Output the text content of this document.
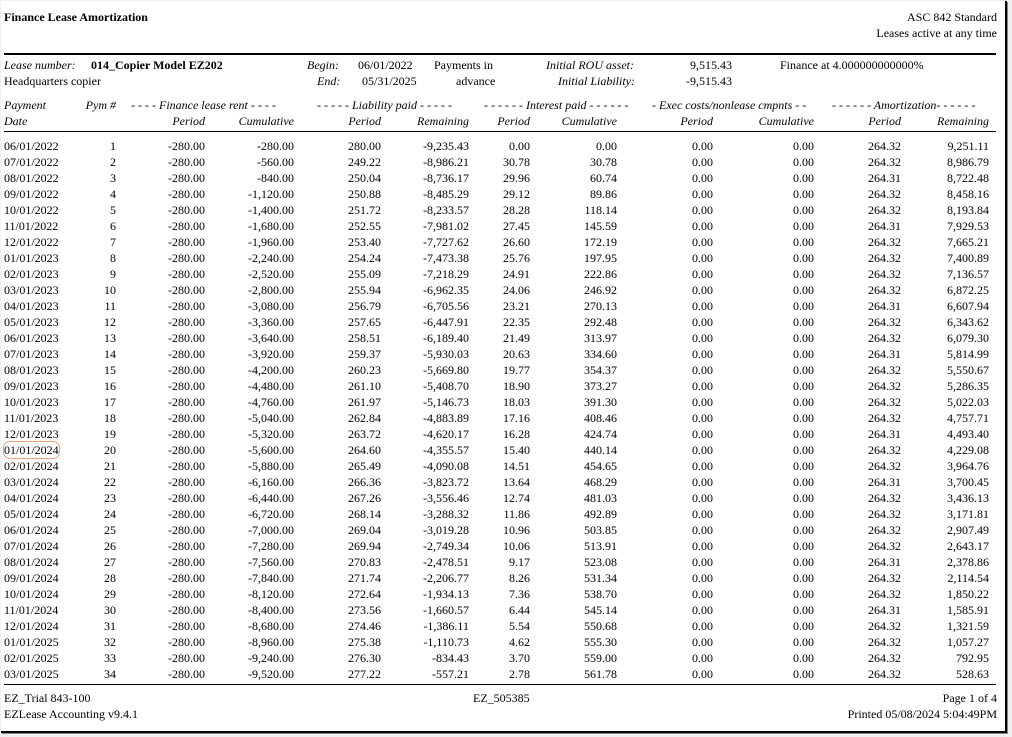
Finance Lease Amortization	ASC 842 Standard
Leases active at any time
Lease number: 014_Copier Model EZ202
Headquarters copier
Begin: 06/01/2022
End: 05/31/2025
Payments in
advance
Initial ROU asset:	9,515.43
Initial Liability:	-9,515.43
Finance at 4.000000000000%
Payment
Date
Pym # - - - - Finance lease rent - - - -
Period	Cumulative
- - - - - Liability paid - - - - -
Period	Remaining
- - - - - - Interest paid - - - - - -
Period	Cumulative
- Exec costs/nonlease cmpnts - -
Period	Cumulative
- - - - - - Amortization- - - - - -
Period	Remaining
06/01/2022	1	-280.00	-280.00	280.00	-9,235.43	0.00	0.00	0.00	0.00	264.32	9,251.11
07/01/2022	2	-280.00	-560.00	249.22	-8,986.21	30.78	30.78	0.00	0.00	264.32	8,986.79
08/01/2022	3	-280.00	-840.00	250.04	-8,736.17	29.96	60.74	0.00	0.00	264.31	8,722.48
09/01/2022	4	-280.00	-1,120.00	250.88	-8,485.29	29.12	89.86	0.00	0.00	264.32	8,458.16
10/01/2022	5	-280.00	-1,400.00	251.72	-8,233.57	28.28	118.14	0.00	0.00	264.32	8,193.84
11/01/2022	6	-280.00	-1,680.00	252.55	-7,981.02	27.45	145.59	0.00	0.00	264.31	7,929.53
12/01/2022	7	-280.00	-1,960.00	253.40	-7,727.62	26.60	172.19	0.00	0.00	264.32	7,665.21
01/01/2023	8	-280.00	-2,240.00	254.24	-7,473.38	25.76	197.95	0.00	0.00	264.32	7,400.89
02/01/2023	9	-280.00	-2,520.00	255.09	-7,218.29	24.91	222.86	0.00	0.00	264.32	7,136.57
03/01/2023	10	-280.00	-2,800.00	255.94	-6,962.35	24.06	246.92	0.00	0.00	264.32	6,872.25
04/01/2023	11	-280.00	-3,080.00	256.79	-6,705.56	23.21	270.13	0.00	0.00	264.31	6,607.94
05/01/2023	12	-280.00	-3,360.00	257.65	-6,447.91	22.35	292.48	0.00	0.00	264.32	6,343.62
06/01/2023	13	-280.00	-3,640.00	258.51	-6,189.40	21.49	313.97	0.00	0.00	264.32	6,079.30
07/01/2023	14	-280.00	-3,920.00	259.37	-5,930.03	20.63	334.60	0.00	0.00	264.31	5,814.99
08/01/2023	15	-280.00	-4,200.00	260.23	-5,669.80	19.77	354.37	0.00	0.00	264.32	5,550.67
09/01/2023	16	-280.00	-4,480.00	261.10	-5,408.70	18.90	373.27	0.00	0.00	264.32	5,286.35
10/01/2023	17	-280.00	-4,760.00	261.97	-5,146.73	18.03	391.30	0.00	0.00	264.32	5,022.03
11/01/2023	18	-280.00	-5,040.00	262.84	-4,883.89	17.16	408.46	0.00	0.00	264.32	4,757.71
12/01/2023	19	-280.00	-5,320.00	263.72	-4,620.17	16.28	424.74	0.00	0.00	264.31	4,493.40
01/01/2024	20	-280.00	-5,600.00	264.60	-4,355.57	15.40	440.14	0.00	0.00	264.32	4,229.08
02/01/2024	21	-280.00	-5,880.00	265.49	-4,090.08	14.51	454.65	0.00	0.00	264.32	3,964.76
03/01/2024	22	-280.00	-6,160.00	266.36	-3,823.72	13.64	468.29	0.00	0.00	264.31	3,700.45
04/01/2024	23	-280.00	-6,440.00	267.26	-3,556.46	12.74	481.03	0.00	0.00	264.32	3,436.13
05/01/2024	24	-280.00	-6,720.00	268.14	-3,288.32	11.86	492.89	0.00	0.00	264.32	3,171.81
06/01/2024	25	-280.00	-7,000.00	269.04	-3,019.28	10.96	503.85	0.00	0.00	264.32	2,907.49
07/01/2024	26	-280.00	-7,280.00	269.94	-2,749.34	10.06	513.91	0.00	0.00	264.32	2,643.17
08/01/2024	27	-280.00	-7,560.00	270.83	-2,478.51	9.17	523.08	0.00	0.00	264.31	2,378.86
09/01/2024	28	-280.00	-7,840.00	271.74	-2,206.77	8.26	531.34	0.00	0.00	264.32	2,114.54
10/01/2024	29	-280.00	-8,120.00	272.64	-1,934.13	7.36	538.70	0.00	0.00	264.32	1,850.22
11/01/2024	30	-280.00	-8,400.00	273.56	-1,660.57	6.44	545.14	0.00	0.00	264.31	1,585.91
12/01/2024	31	-280.00	-8,680.00	274.46	-1,386.11	5.54	550.68	0.00	0.00	264.32	1,321.59
01/01/2025	32	-280.00	-8,960.00	275.38	-1,110.73	4.62	555.30	0.00	0.00	264.32	1,057.27
02/01/2025	33	-280.00	-9,240.00	276.30	-834.43	3.70	559.00	0.00	0.00	264.32	792.95
03/01/2025	34	-280.00	-9,520.00	277.22	-557.21	2.78	561.78	0.00	0.00	264.32	528.63
EZ_Trial 843-100
EZLease Accounting v9.4.1
EZ_505385	Page 1 of 4
Printed 05/08/2024 5:04:49PM
